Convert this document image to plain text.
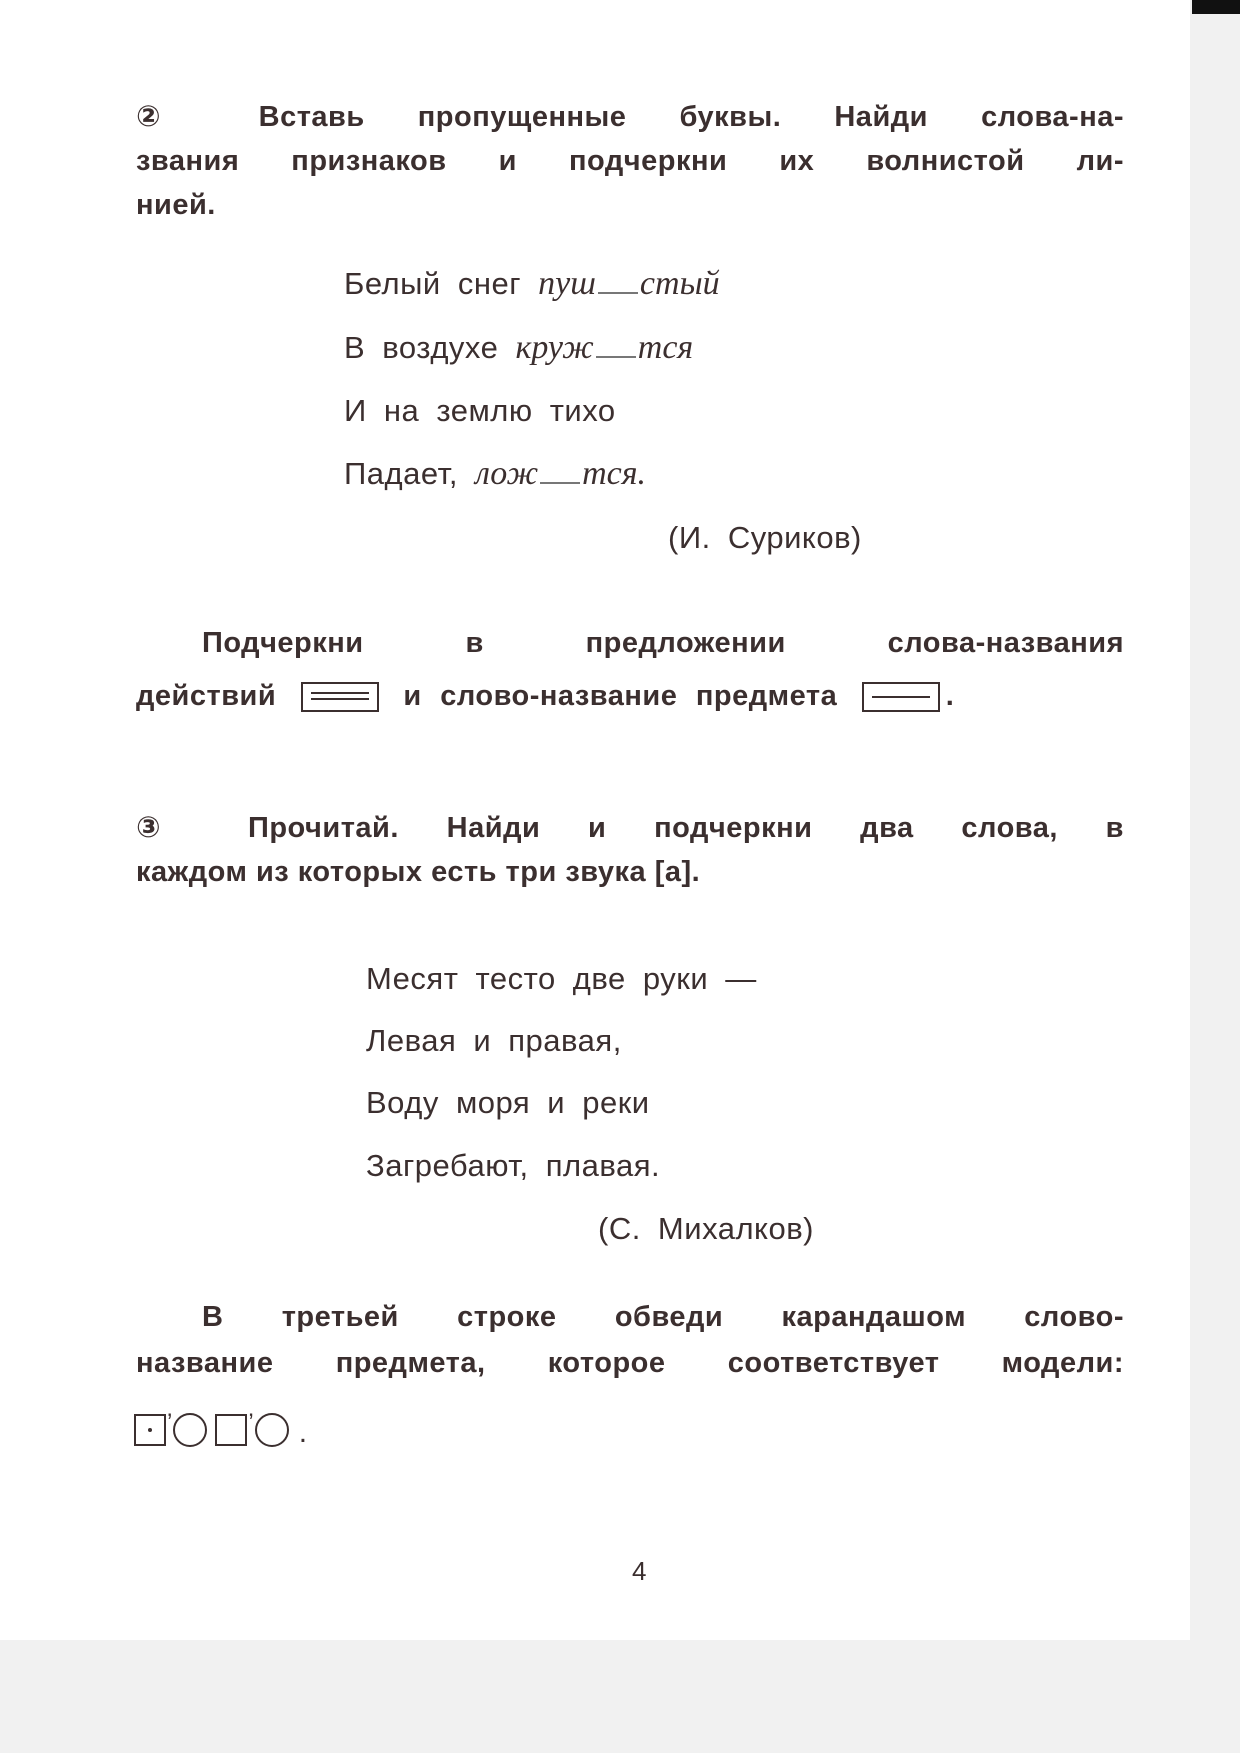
② Вставь пропущенные буквы. Найди слова-на-
звания признаков и подчеркни их волнистой ли-
нией.
Белый снег пуш стый
В воздухе круж тся
И на землю тихо
Падает, лож тся.
(И. Суриков)
Подчеркни в предложении слова-названия
действий	и слово-название предмета	.
③ Прочитай. Найди и подчеркни два слова, в
каждом из которых есть три звука [а].
Месят тесто две руки —
Левая и правая,
Воду моря и реки
Загребают, плавая.
(С. Михалков)
В третьей строке обведи карандашом слово-
название предмета, которое соответствует модели:
’	’ .
4
